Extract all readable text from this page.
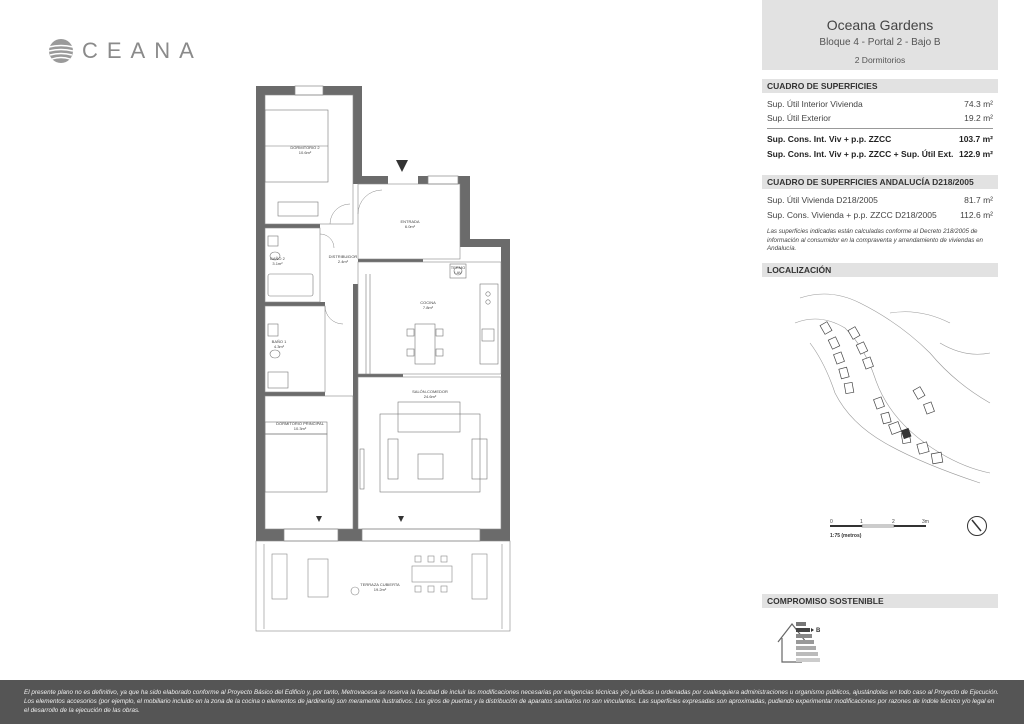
CEANA
DORMITORIO 2
10.6m²
ENTRADA
6.0m²
BAÑO 2
3.1m²
DISTRIBUIDOR
2.4m²
TERMO
LAV
COCINA
7.8m²
BAÑO 1
4.3m²
SALÓN-COMEDOR
24.6m²
DORMITORIO PRINCIPAL
10.3m²
TERRAZA CUBIERTA
19.2m²
Oceana Gardens
Bloque 4 - Portal 2 - Bajo B
2 Dormitorios
CUADRO DE SUPERFICIES
Sup. Útil Interior Vivienda	74.3 m²
Sup. Útil Exterior	19.2 m²
Sup. Cons. Int. Viv + p.p. ZZCC	103.7 m²
Sup. Cons. Int. Viv + p.p. ZZCC + Sup. Útil Ext. 122.9 m²
CUADRO DE SUPERFICIES ANDALUCÍA D218/2005
Sup. Útil Vivienda D218/2005	81.7 m²
Sup. Cons. Vivienda + p.p. ZZCC D218/2005	112.6 m²
Las superficies indicadas están calculadas conforme al Decreto 218/2005 de información al consumidor en la compraventa y arrendamiento de viviendas en Andalucía.
LOCALIZACIÓN
0	1	2	3m
1:75 (metros)
COMPROMISO SOSTENIBLE
B
El presente plano no es definitivo, ya que ha sido elaborado conforme al Proyecto Básico del Edificio y, por tanto, Metrovacesa se reserva la facultad de incluir las modificaciones necesarias por exigencias técnicas y/o jurídicas u ordenadas por cualesquiera administraciones u organismo públicos, ajustándolas en todo caso al Proyecto de Ejecución. Los elementos accesorios (por ejemplo, el mobiliario incluido en la zona de la cocina o elementos de jardinería) son meramente ilustrativos. Los giros de puertas y la distribución de aparatos sanitarios no son vinculantes. Las superficies expresadas son aproximadas, pudiendo experimentar modificaciones por razones de índole técnico y/o legal en el desarrollo de la ejecución de las obras.
